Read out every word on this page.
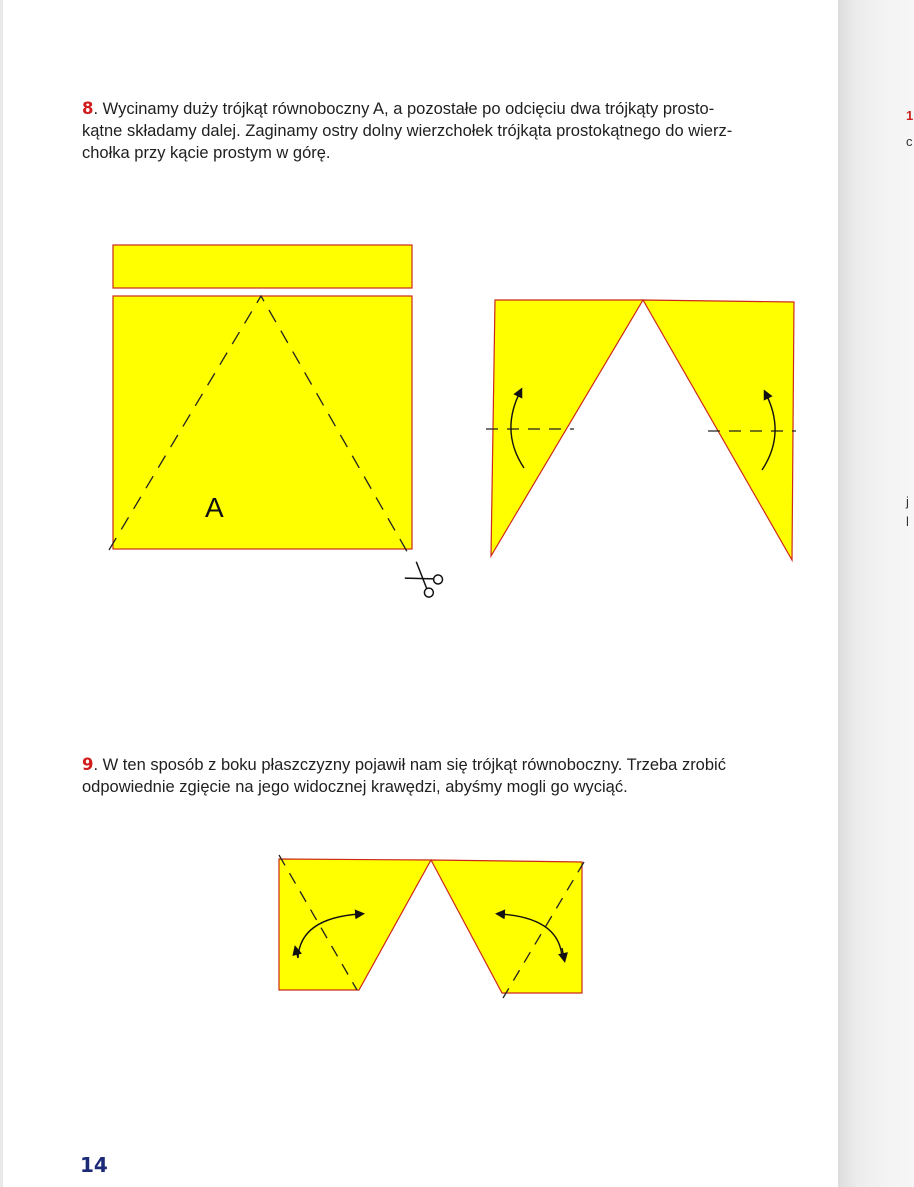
1
c
j
l
8. Wycinamy duży trójkąt równoboczny A, a pozostałe po odcięciu dwa trójkąty prosto-
kątne składamy dalej. Zaginamy ostry dolny wierzchołek trójkąta prostokątnego do wierz-
chołka przy kącie prostym w górę.
9. W ten sposób z boku płaszczyzny pojawił nam się trójkąt równoboczny. Trzeba zrobić
odpowiednie zgięcie na jego widocznej krawędzi, abyśmy mogli go wyciąć.
A
14
